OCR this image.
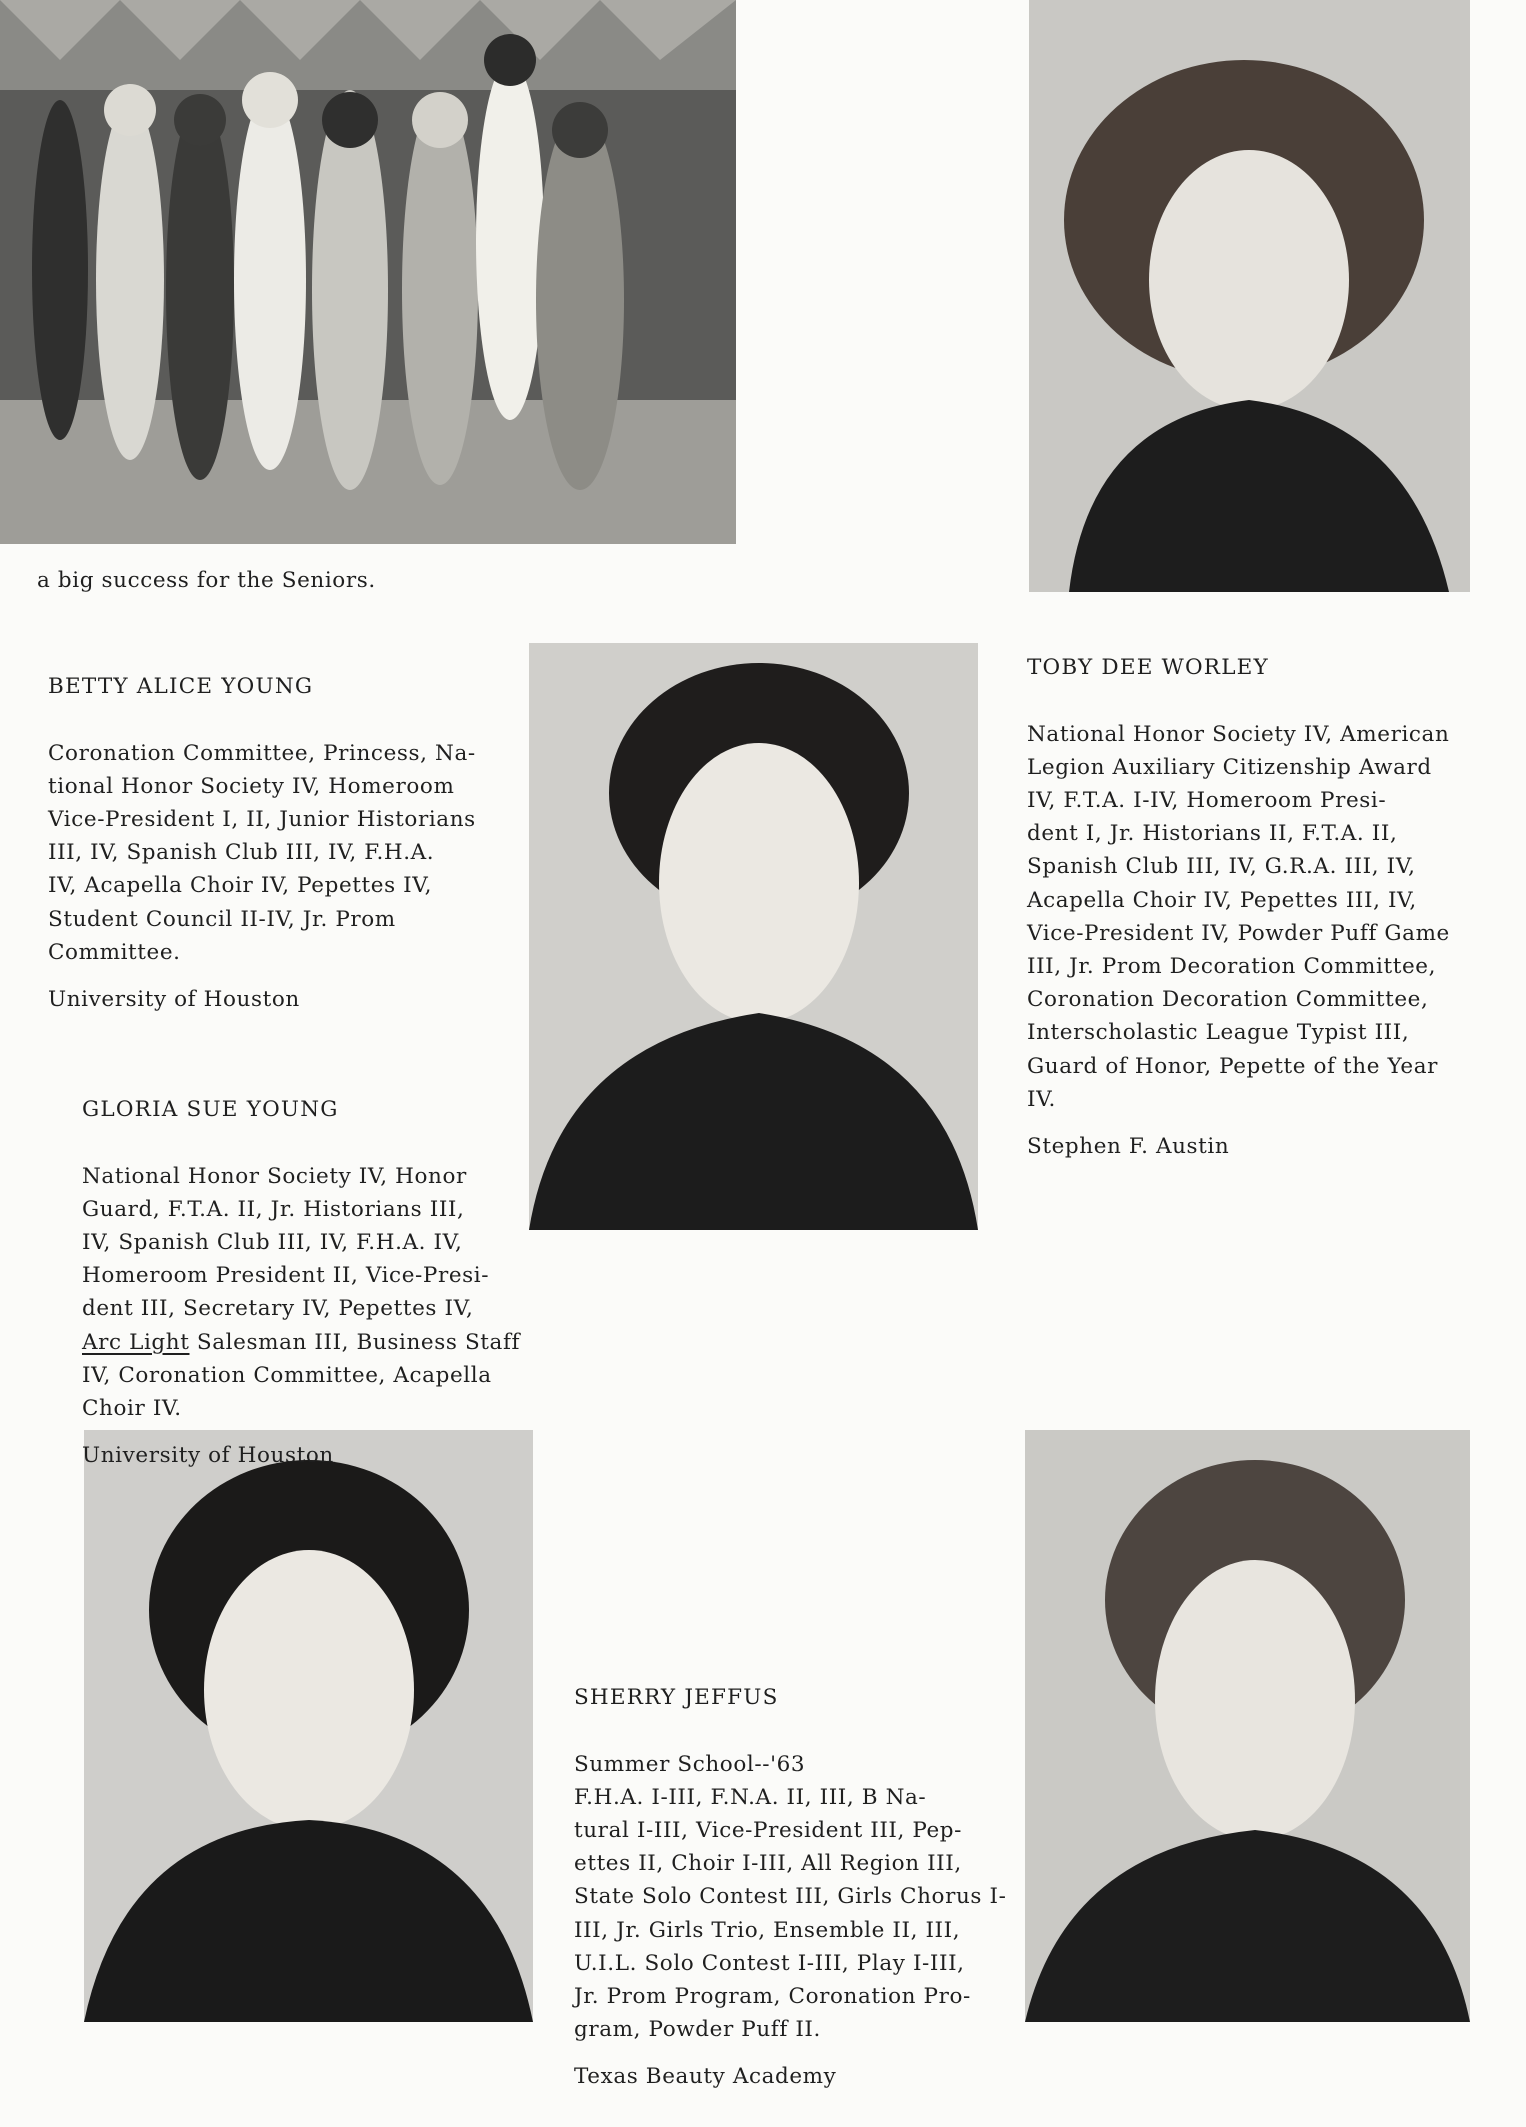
a big success for the Seniors.

BETTY ALICE YOUNG

Coronation Committee, Princess, Na-
tional Honor Society IV, Homeroom
Vice-President I, II, Junior Historians
III, IV, Spanish Club III, IV, F.H.A.
IV, Acapella Choir IV, Pepettes IV,
Student Council II-IV, Jr. Prom
Committee.

University of Houston

TOBY DEE WORLEY

National Honor Society IV, American
Legion Auxiliary Citizenship Award
IV, F.T.A. I-IV, Homeroom Presi-
dent I, Jr. Historians II, F.T.A. II,
Spanish Club III, IV, G.R.A. III, IV,
Acapella Choir IV, Pepettes III, IV,
Vice-President IV, Powder Puff Game
III, Jr. Prom Decoration Committee,
Coronation Decoration Committee,
Interscholastic League Typist III,
Guard of Honor, Pepette of the Year
IV.

Stephen F. Austin

GLORIA SUE YOUNG

National Honor Society IV, Honor
Guard, F.T.A. II, Jr. Historians III,
IV, Spanish Club III, IV, F.H.A. IV,
Homeroom President II, Vice-Presi-
dent III, Secretary IV, Pepettes IV,
Arc Light Salesman III, Business Staff
IV, Coronation Committee, Acapella
Choir IV.

University of Houston

SHERRY JEFFUS

Summer School--'63
F.H.A. I-III, F.N.A. II, III, B Na-
tural I-III, Vice-President III, Pep-
ettes II, Choir I-III, All Region III,
State Solo Contest III, Girls Chorus I-
III, Jr. Girls Trio, Ensemble II, III,
U.I.L. Solo Contest I-III, Play I-III,
Jr. Prom Program, Coronation Pro-
gram, Powder Puff II.

Texas Beauty Academy
